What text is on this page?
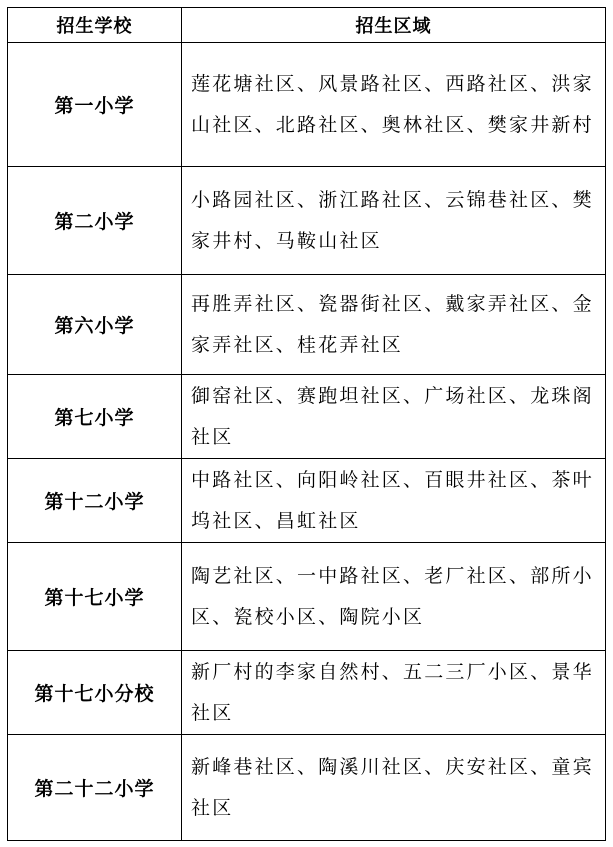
招生学校	招生区域
第一小学	莲花塘社区、风景路社区、西路社区、洪家山社区、北路社区、奥林社区、樊家井新村
第二小学	小路园社区、浙江路社区、云锦巷社区、樊家井村、马鞍山社区
第六小学	再胜弄社区、瓷器街社区、戴家弄社区、金家弄社区、桂花弄社区
第七小学	御窑社区、赛跑坦社区、广场社区、龙珠阁社区
第十二小学	中路社区、向阳岭社区、百眼井社区、茶叶坞社区、昌虹社区
第十七小学	陶艺社区、一中路社区、老厂社区、部所小区、瓷校小区、陶院小区
第十七小分校	新厂村的李家自然村、五二三厂小区、景华社区
第二十二小学	新峰巷社区、陶溪川社区、庆安社区、童宾社区
